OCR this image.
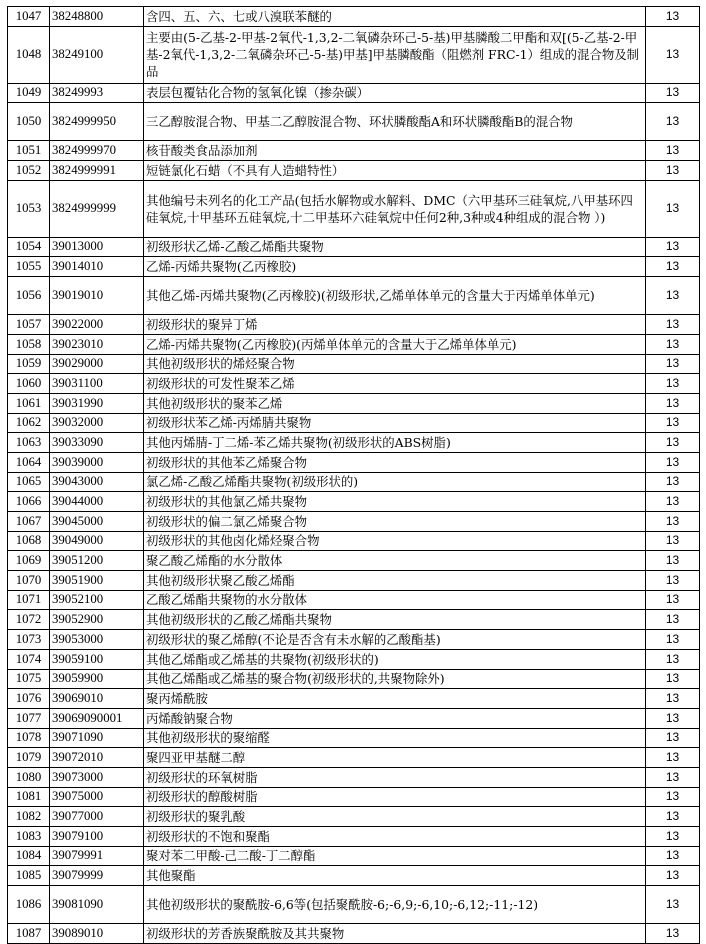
1047	38248800	含四、五、六、七或八溴联苯醚的	13
1048	38249100	主要由(5-乙基-2-甲基-2氧代-1,3,2-二氧磷杂环己-5-基)甲基膦酸二甲酯和双[(5-乙基-2-甲基-2氧代-1,3,2-二氧磷杂环己-5-基)甲基]甲基膦酸酯（阻燃剂 FRC-1）组成的混合物及制品	13
1049	38249993	表层包覆钴化合物的氢氧化镍（掺杂碳）	13
1050	3824999950	三乙醇胺混合物、甲基二乙醇胺混合物、环状膦酸酯A和环状膦酸酯B的混合物	13
1051	3824999970	核苷酸类食品添加剂	13
1052	3824999991	短链氯化石蜡（不具有人造蜡特性）	13
1053	3824999999	其他编号未列名的化工产品(包括水解物或水解料、DMC（六甲基环三硅氧烷,八甲基环四硅氧烷,十甲基环五硅氧烷,十二甲基环六硅氧烷中任何2种,3种或4种组成的混合物 ）)	13
1054	39013000	初级形状乙烯-乙酸乙烯酯共聚物	13
1055	39014010	乙烯-丙烯共聚物(乙丙橡胶)	13
1056	39019010	其他乙烯-丙烯共聚物(乙丙橡胶)(初级形状,乙烯单体单元的含量大于丙烯单体单元)	13
1057	39022000	初级形状的聚异丁烯	13
1058	39023010	乙烯-丙烯共聚物(乙丙橡胶)(丙烯单体单元的含量大于乙烯单体单元)	13
1059	39029000	其他初级形状的烯烃聚合物	13
1060	39031100	初级形状的可发性聚苯乙烯	13
1061	39031990	其他初级形状的聚苯乙烯	13
1062	39032000	初级形状苯乙烯-丙烯腈共聚物	13
1063	39033090	其他丙烯腈-丁二烯-苯乙烯共聚物(初级形状的ABS树脂)	13
1064	39039000	初级形状的其他苯乙烯聚合物	13
1065	39043000	氯乙烯-乙酸乙烯酯共聚物(初级形状的)	13
1066	39044000	初级形状的其他氯乙烯共聚物	13
1067	39045000	初级形状的偏二氯乙烯聚合物	13
1068	39049000	初级形状的其他卤化烯烃聚合物	13
1069	39051200	聚乙酸乙烯酯的水分散体	13
1070	39051900	其他初级形状聚乙酸乙烯酯	13
1071	39052100	乙酸乙烯酯共聚物的水分散体	13
1072	39052900	其他初级形状的乙酸乙烯酯共聚物	13
1073	39053000	初级形状的聚乙烯醇(不论是否含有未水解的乙酸酯基)	13
1074	39059100	其他乙烯酯或乙烯基的共聚物(初级形状的)	13
1075	39059900	其他乙烯酯或乙烯基的聚合物(初级形状的,共聚物除外)	13
1076	39069010	聚丙烯酰胺	13
1077	39069090001	丙烯酸钠聚合物	13
1078	39071090	其他初级形状的聚缩醛	13
1079	39072010	聚四亚甲基醚二醇	13
1080	39073000	初级形状的环氧树脂	13
1081	39075000	初级形状的醇酸树脂	13
1082	39077000	初级形状的聚乳酸	13
1083	39079100	初级形状的不饱和聚酯	13
1084	39079991	聚对苯二甲酸-己二酸-丁二醇酯	13
1085	39079999	其他聚酯	13
1086	39081090	其他初级形状的聚酰胺-6,6等(包括聚酰胺-6;-6,9;-6,10;-6,12;-11;-12)	13
1087	39089010	初级形状的芳香族聚酰胺及其共聚物	13
